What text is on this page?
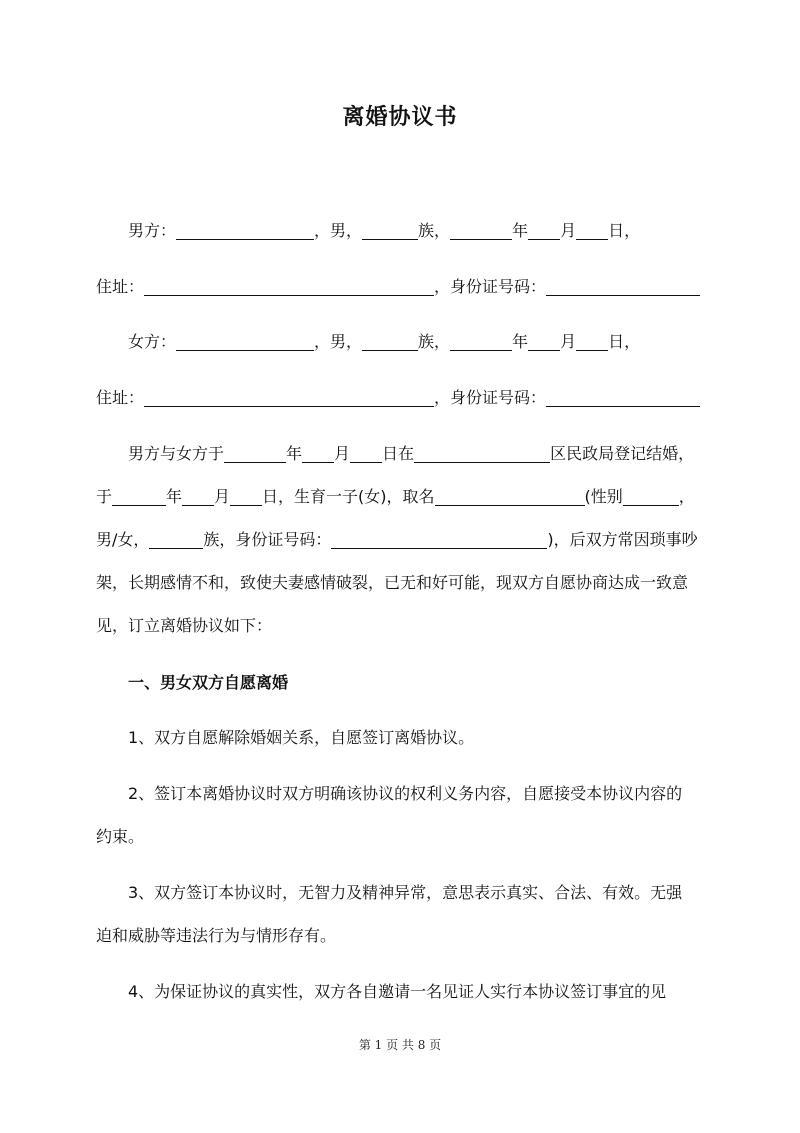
离婚协议书
男方：	，男，	族，	年 月 日，
住址：	，身份证号码：
女方：	，男，	族，	年 月 日，
住址：	，身份证号码：
男方与女方于	年 月 日在	区民政局登记结婚，
于	年 月 日，生育一子(女)，取名	(性别	，
男/女，	族，身份证号码：	)，后双方常因琐事吵
架，长期感情不和，致使夫妻感情破裂，已无和好可能，现双方自愿协商达成一致意
见，订立离婚协议如下：
一、男女双方自愿离婚
1、双方自愿解除婚姻关系，自愿签订离婚协议。
2、签订本离婚协议时双方明确该协议的权利义务内容，自愿接受本协议内容的
约束。
3、双方签订本协议时，无智力及精神异常，意思表示真实、合法、有效。无强
迫和威胁等违法行为与情形存有。
4、为保证协议的真实性，双方各自邀请一名见证人实行本协议签订事宜的见
第 1 页 共 8 页
